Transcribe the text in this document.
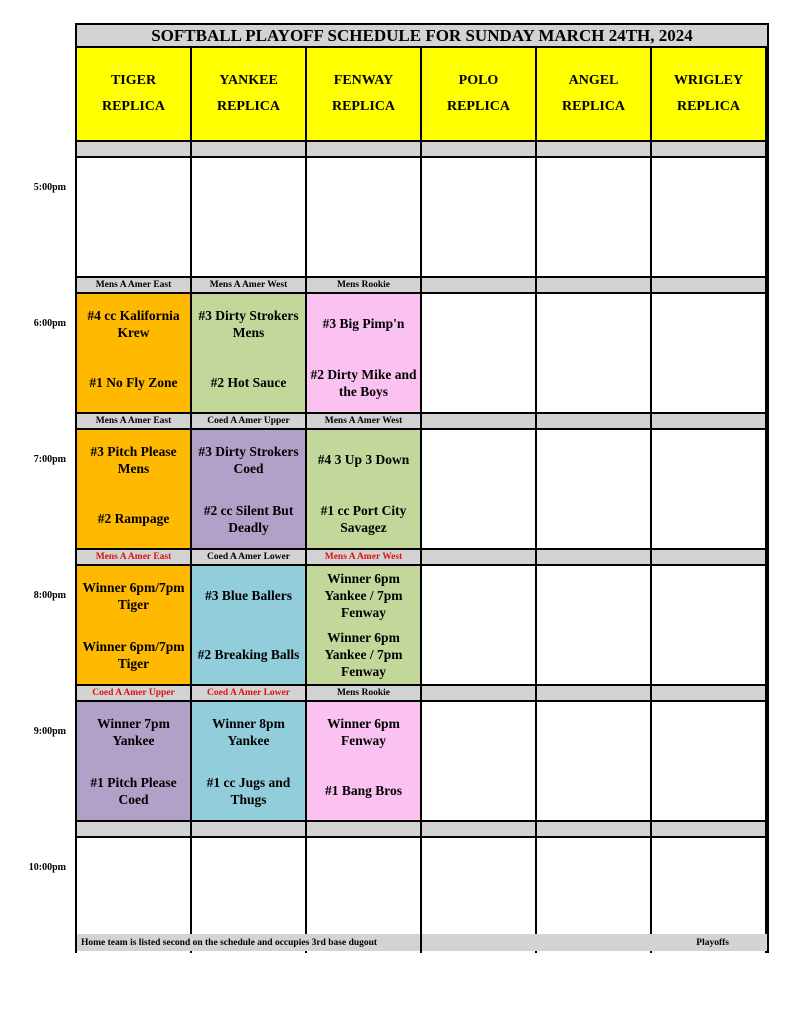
SOFTBALL PLAYOFF SCHEDULE FOR SUNDAY MARCH 24TH, 2024
TIGER
REPLICA
YANKEE
REPLICA
FENWAY
REPLICA
POLO
REPLICA
ANGEL
REPLICA
WRIGLEY
REPLICA
Mens A Amer East
#4 cc Kalifornia Krew
#1 No Fly Zone
Mens A Amer West
#3 Dirty Strokers Mens
#2 Hot Sauce
Mens Rookie
#3 Big Pimp'n
#2 Dirty Mike and the Boys
Mens A Amer East
#3 Pitch Please Mens
#2 Rampage
Coed A Amer Upper
#3 Dirty Strokers Coed
#2 cc Silent But Deadly
Mens A Amer West
#4 3 Up 3 Down
#1 cc Port City Savagez
Mens A Amer East
Winner 6pm/7pm Tiger
Winner 6pm/7pm Tiger
Coed A Amer Lower
#3 Blue Ballers
#2 Breaking Balls
Mens A Amer West
Winner 6pm Yankee / 7pm Fenway
Winner 6pm Yankee / 7pm Fenway
Coed A Amer Upper
Winner 7pm Yankee
#1 Pitch Please Coed
Coed A Amer Lower
Winner 8pm Yankee
#1 cc Jugs and Thugs
Mens Rookie
Winner 6pm Fenway
#1 Bang Bros
Home team is listed second on the schedule and occupies 3rd base dugout	Playoffs
5:00pm
6:00pm
7:00pm
8:00pm
9:00pm
10:00pm
